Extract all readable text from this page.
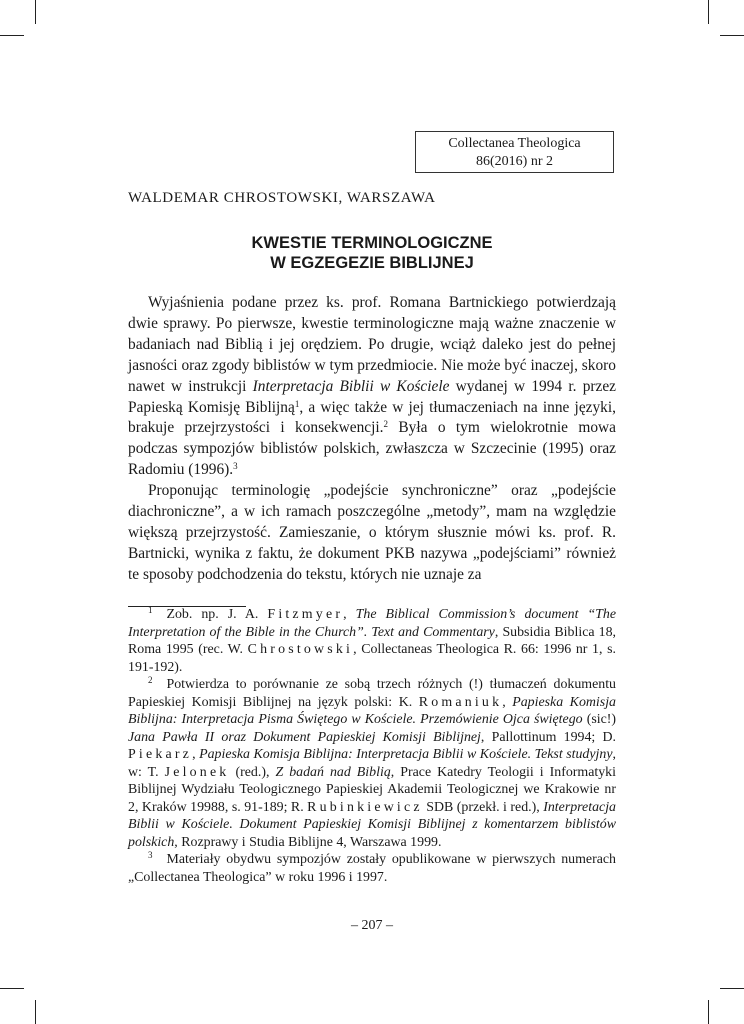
Collectanea Theologica
86(2016) nr 2
WALDEMAR CHROSTOWSKI, WARSZAWA
KWESTIE TERMINOLOGICZNE
W EGZEGEZIE BIBLIJNEJ

Wyjaśnienia podane przez ks. prof. Romana Bartnickiego potwierdzają dwie sprawy. Po pierwsze, kwestie terminologiczne mają ważne znaczenie w badaniach nad Biblią i jej orędziem. Po drugie, wciąż daleko jest do pełnej jasności oraz zgody biblistów w tym przedmiocie. Nie może być inaczej, skoro nawet w instrukcji Interpretacja Biblii w Kościele wydanej w 1994 r. przez Papieską Komisję Biblijną$^1$, a więc także w jej tłumaczeniach na inne języki, brakuje przejrzystości i konsekwencji.$^2$ Była o tym wielokrotnie mowa podczas sympozjów biblistów polskich, zwłaszcza w Szczecinie (1995) oraz Radomiu (1996).$^3$

Proponując terminologię „podejście synchroniczne” oraz „podejście diachroniczne”, a w ich ramach poszczególne „metody”, mam na względzie większą przejrzystość. Zamieszanie, o którym słusznie mówi ks. prof. R. Bartnicki, wynika z faktu, że dokument PKB nazywa „podejściami” również te sposoby podchodzenia do tekstu, których nie uznaje za

$^1$ Zob. np. J. A. Fitzmyer, The Biblical Commission’s document “The Interpretation of the Bible in the Church”. Text and Commentary, Subsidia Biblica 18, Roma 1995 (rec. W. Chrostowski, Collectaneas Theologica R. 66: 1996 nr 1, s. 191-192).

$^2$ Potwierdza to porównanie ze sobą trzech różnych (!) tłumaczeń dokumentu Papieskiej Komisji Biblijnej na język polski: K. Romaniuk, Papieska Komisja Biblijna: Interpretacja Pisma Świętego w Kościele. Przemówienie Ojca świętego (sic!) Jana Pawła II oraz Dokument Papieskiej Komisji Biblijnej, Pallottinum 1994; D. Piekarz, Papieska Komisja Biblijna: Interpretacja Biblii w Kościele. Tekst studyjny, w: T. Jelonek (red.), Z badań nad Biblią, Prace Katedry Teologii i Informatyki Biblijnej Wydziału Teologicznego Papieskiej Akademii Teologicznej we Krakowie nr 2, Kraków 19988, s. 91-189; R. Rubinkiewicz SDB (przekł. i red.), Interpretacja Biblii w Kościele. Dokument Papieskiej Komisji Biblijnej z komentarzem biblistów polskich, Rozprawy i Studia Biblijne 4, Warszawa 1999.

$^3$ Materiały obydwu sympozjów zostały opublikowane w pierwszych numerach „Collectanea Theologica” w roku 1996 i 1997.

– 207 –
